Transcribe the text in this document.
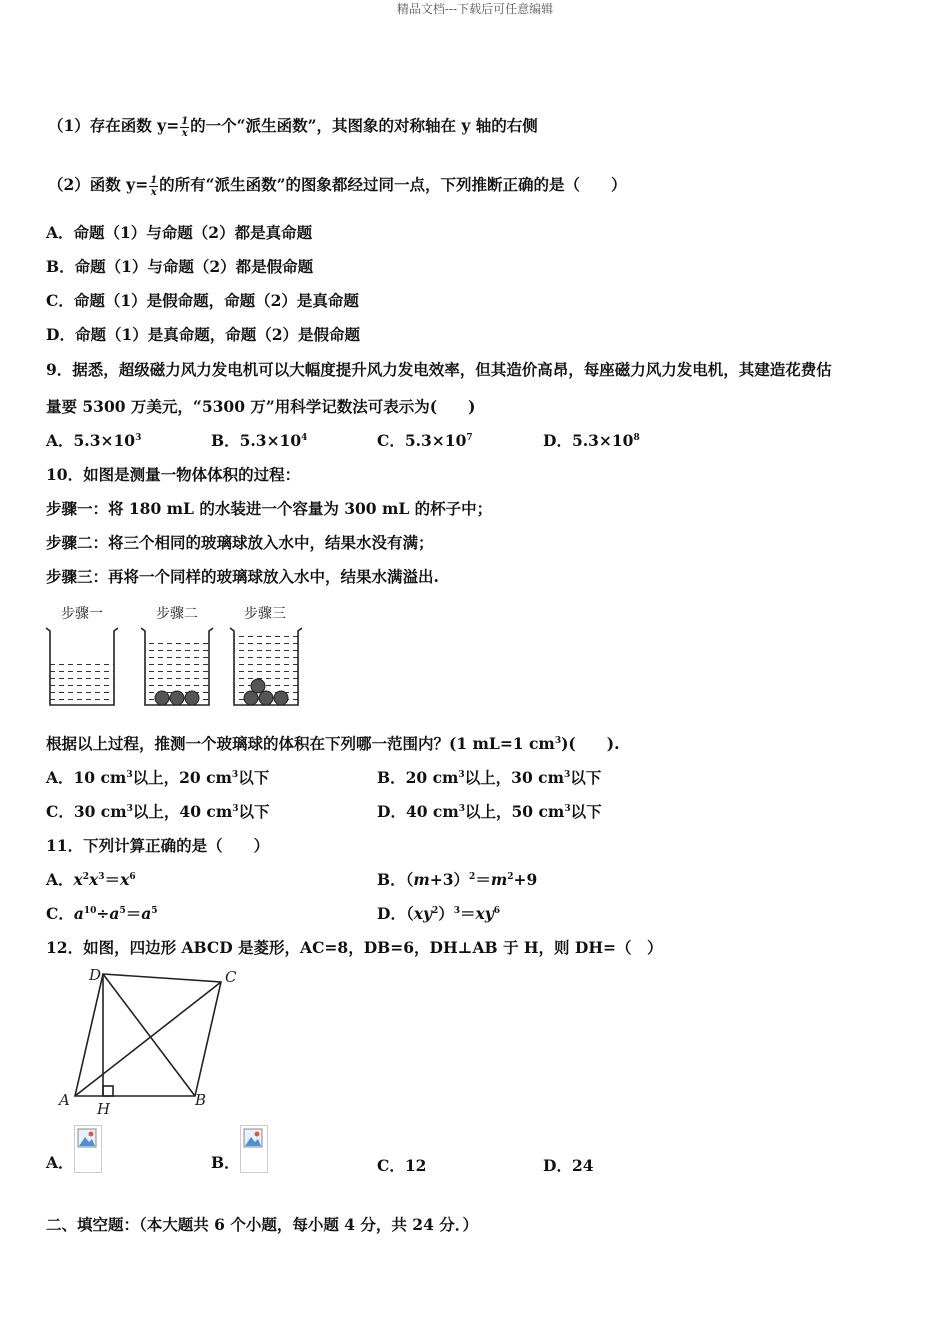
精品文档---下载后可任意编辑
（1）存在函数 $y= \frac{1}{x}$ 的一个“派生函数”，其图象的对称轴在 y 轴的右侧
（2）函数 $y= \frac{1}{x}$ 的所有“派生函数”的图象都经过同一点，下列推断正确的是（　　）
A．命题（1）与命题（2）都是真命题
B．命题（1）与命题（2）都是假命题
C．命题（1）是假命题，命题（2）是真命题
D．命题（1）是真命题，命题（2）是假命题
9．据悉，超级磁力风力发电机可以大幅度提升风力发电效率，但其造价高昂，每座磁力风力发电机，其建造花费估
量要 5300 万美元，“5300 万”用科学记数法可表示为(　　)
A．$5.3\times 10^3$	B．$5.3\times 10^4$	C．$5.3\times 10^7$	D．$5.3\times 10^8$
10．如图是测量一物体体积的过程：
步骤一：将 180 mL 的水装进一个容量为 300 mL 的杯子中；
步骤二：将三个相同的玻璃球放入水中，结果水没有满；
步骤三：再将一个同样的玻璃球放入水中，结果水满溢出.
步骤一	步骤二	步骤三
根据以上过程，推测一个玻璃球的体积在下列哪一范围内？(1 mL=1 $cm^3$)(　　).
A．10 $cm^3$以上，20 $cm^3$以下	B．20 $cm^3$以上，30 $cm^3$以下
C．30 $cm^3$以上，40 $cm^3$以下	D．40 $cm^3$以上，50 $cm^3$以下
11．下列计算正确的是（　　）
A．$x^2x^3=x^6$	B．$(m+3)^2=m^2+9$
C．$a^{10}\div a^5=a^5$	D．$(xy^2)^3=xy^6$
12．如图，四边形 ABCD 是菱形，AC=8，DB=6，DH⊥AB 于 H，则 DH=（　）
D	C
A H	B
A．	B．	C．12	D．24
二、填空题：（本大题共 6 个小题，每小题 4 分，共 24 分．）
